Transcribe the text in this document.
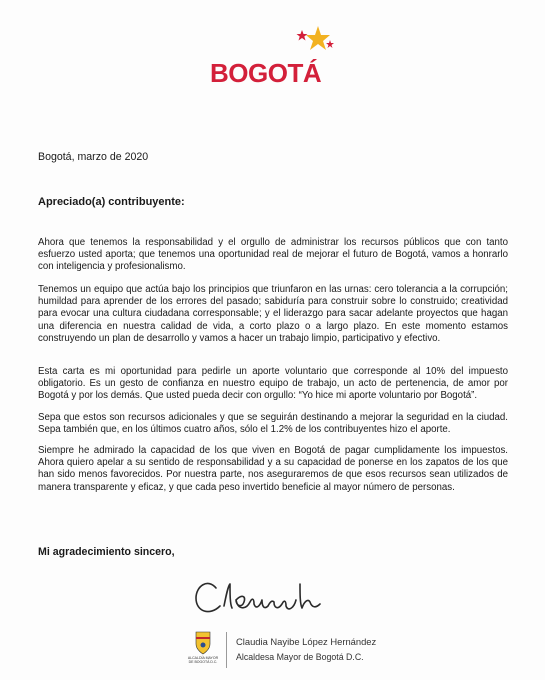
BOGOTÁ
Bogotá, marzo de 2020
Apreciado(a) contribuyente:

Ahora que tenemos la responsabilidad y el orgullo de administrar los recursos públicos que con tanto esfuerzo usted aporta; que tenemos una oportunidad real de mejorar el futuro de Bogotá, vamos a honrarlo con inteligencia y profesionalismo.

Tenemos un equipo que actúa bajo los principios que triunfaron en las urnas: cero tolerancia a la corrupción; humildad para aprender de los errores del pasado; sabiduría para construir sobre lo construido; creatividad para evocar una cultura ciudadana corresponsable; y el liderazgo para sacar adelante proyectos que hagan una diferencia en nuestra calidad de vida, a corto plazo o a largo plazo. En este momento estamos construyendo un plan de desarrollo y vamos a hacer un trabajo limpio, participativo y efectivo.

Esta carta es mi oportunidad para pedirle un aporte voluntario que corresponde al 10% del impuesto obligatorio. Es un gesto de confianza en nuestro equipo de trabajo, un acto de pertenencia, de amor por Bogotá y por los demás. Que usted pueda decir con orgullo: “Yo hice mi aporte voluntario por Bogotá”.

Sepa que estos son recursos adicionales y que se seguirán destinando a mejorar la seguridad en la ciudad. Sepa también que, en los últimos cuatro años, sólo el 1.2% de los contribuyentes hizo el aporte.

Siempre he admirado la capacidad de los que viven en Bogotá de pagar cumplidamente los impuestos. Ahora quiero apelar a su sentido de responsabilidad y a su capacidad de ponerse en los zapatos de los que han sido menos favorecidos. Por nuestra parte, nos aseguraremos de que esos recursos sean utilizados de manera transparente y eficaz, y que cada peso invertido beneficie al mayor número de personas.

Mi agradecimiento sincero,
ALCALDÍA MAYOR
DE BOGOTÁ D.C.
Claudia Nayibe López Hernández
Alcaldesa Mayor de Bogotá D.C.
